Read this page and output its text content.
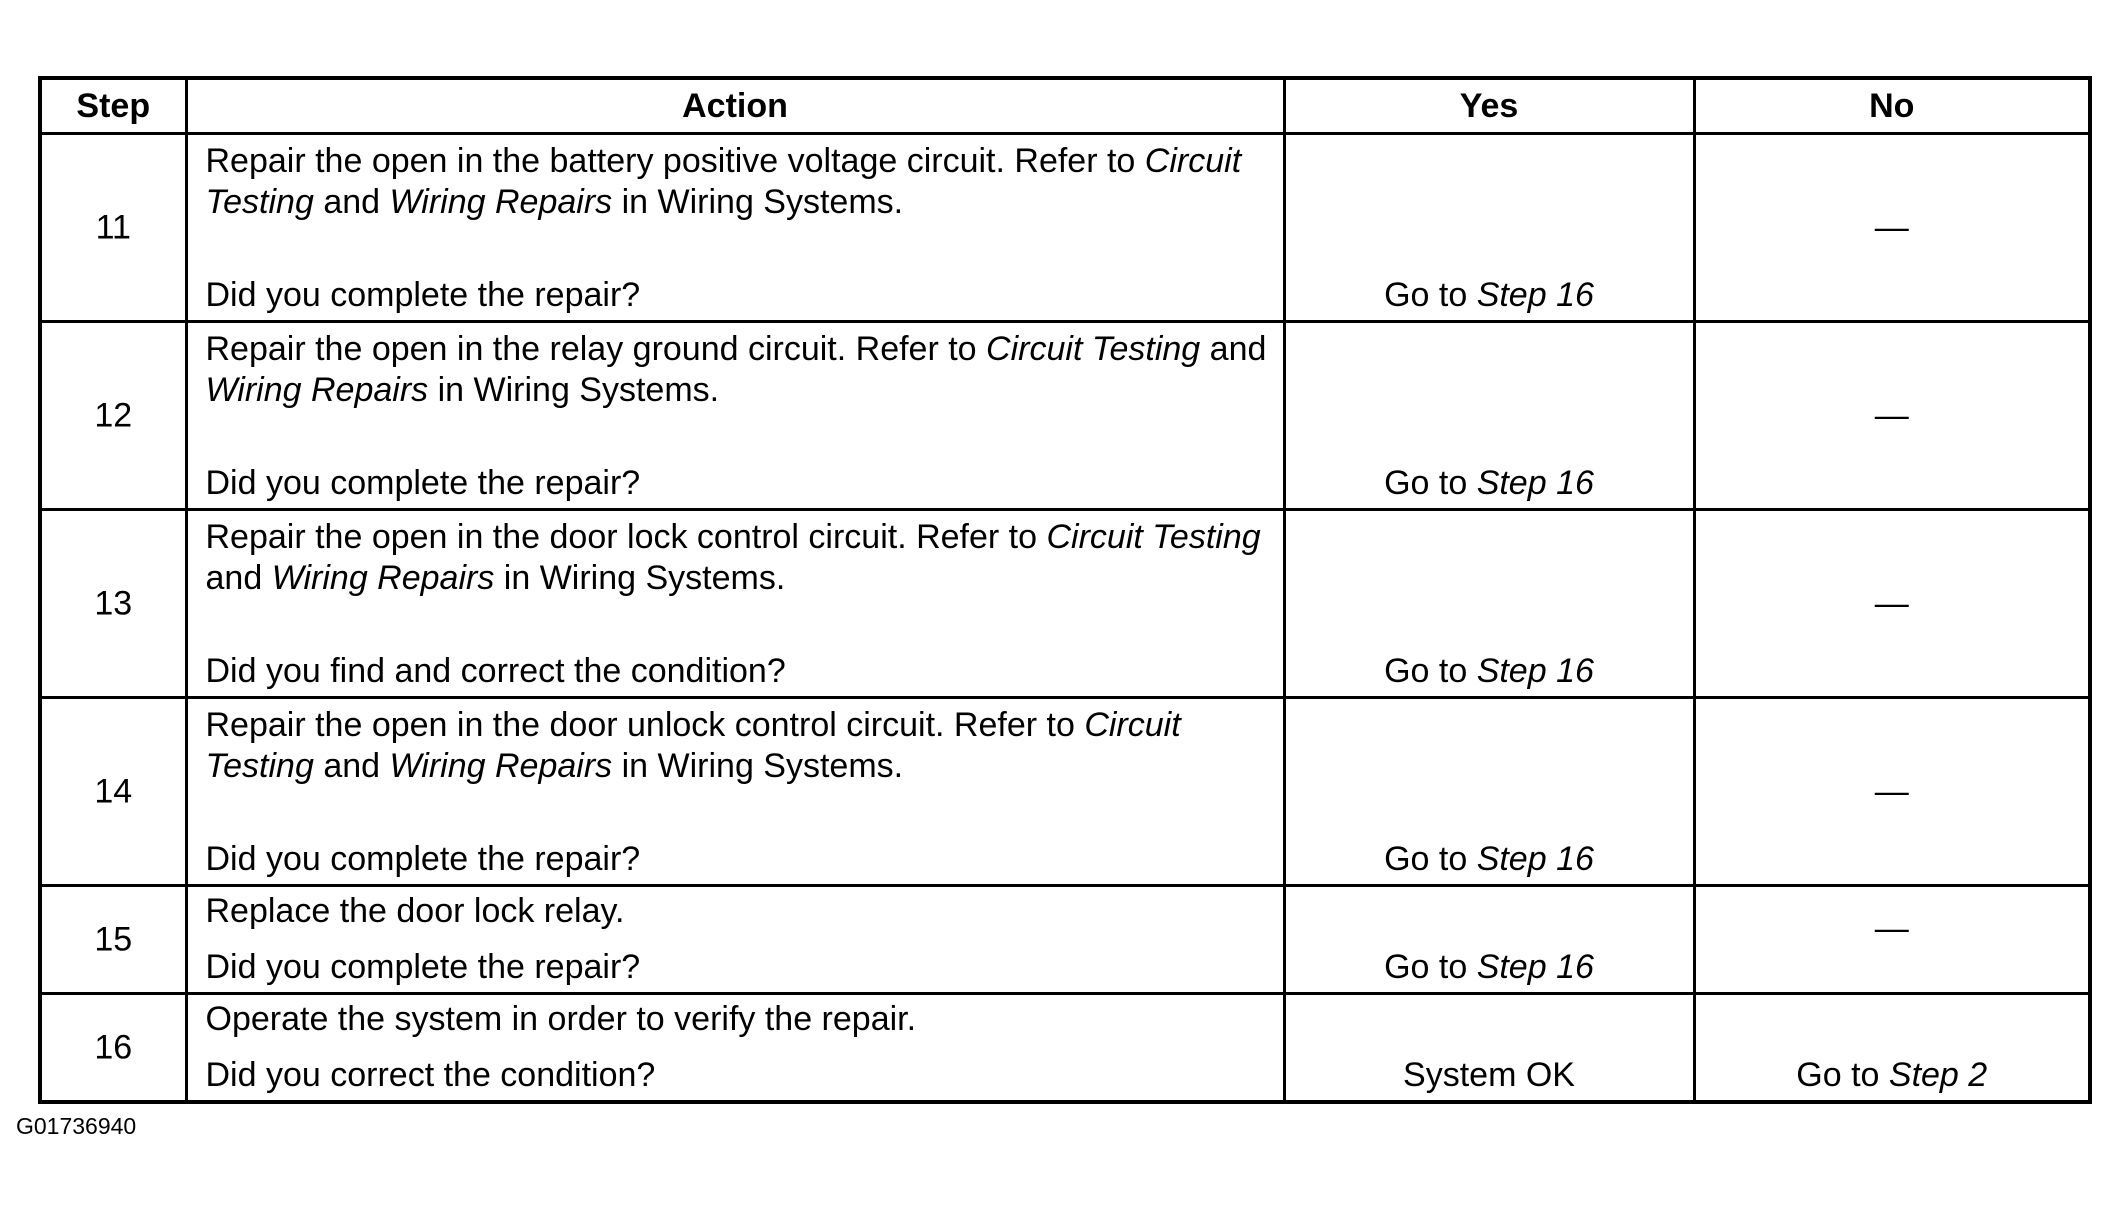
Step	Action	Yes	No

11	Repair the open in the battery positive voltage circuit. Refer to Circuit Testing and Wiring Repairs in Wiring Systems.
Did you complete the repair?	Go to Step 16	—

12	Repair the open in the relay ground circuit. Refer to Circuit Testing and Wiring Repairs in Wiring Systems.
Did you complete the repair?	Go to Step 16	—

13	Repair the open in the door lock control circuit. Refer to Circuit Testing and Wiring Repairs in Wiring Systems.
Did you find and correct the condition?	Go to Step 16	—

14	Repair the open in the door unlock control circuit. Refer to Circuit Testing and Wiring Repairs in Wiring Systems.
Did you complete the repair?	Go to Step 16	—

15	Replace the door lock relay.
Did you complete the repair?	Go to Step 16	—

16	Operate the system in order to verify the repair.
Did you correct the condition?	System OK	Go to Step 2
G01736940
